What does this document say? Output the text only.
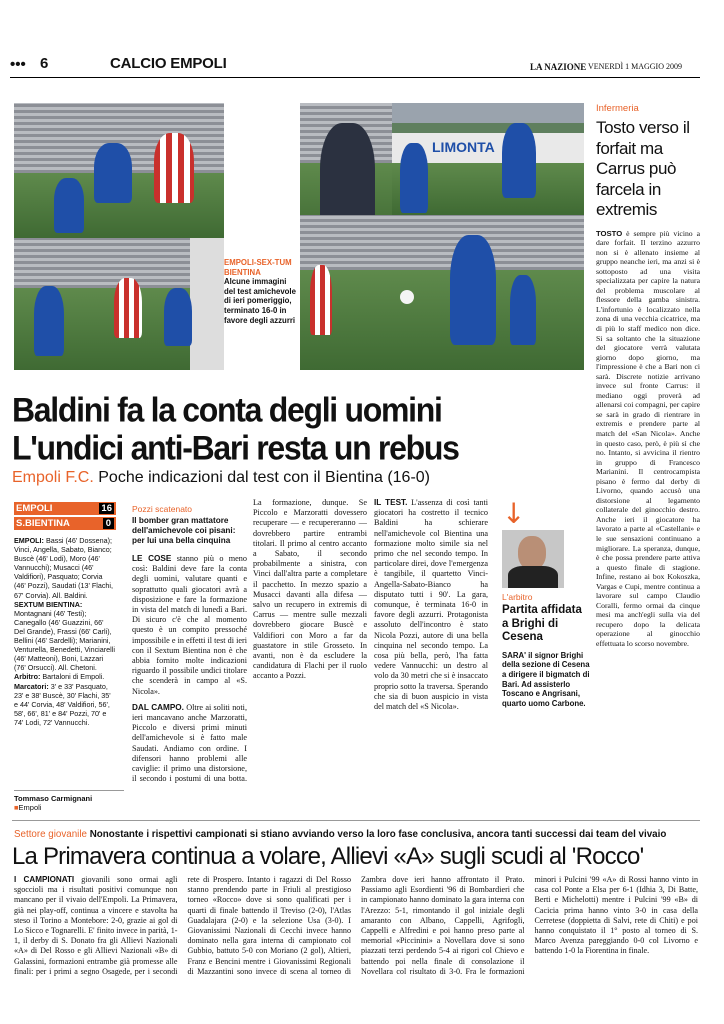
••• 6	CALCIO EMPOLI	LA NAZIONE VENERDÌ 1 MAGGIO 2009
LIMONTA
EMPOLI-SEX-TUM BIENTINA
Alcune immagini del test amichevole di ieri pomeriggio, terminato 16-0 in favore degli azzurri
Infermeria
Tosto verso il forfait ma Carrus può farcela in extremis
TOSTO è sempre più vicino a dare forfait. Il terzino azzurro non si è allenato insieme al gruppo neanche ieri, ma anzi si è sottoposto ad una visita specializzata per capire la natura del problema muscolare al flessore della gamba sinistra. L'infortunio è localizzato nella zona di una vecchia cicatrice, ma di più lo staff medico non dice. Si sa soltanto che la situazione del giocatore verrà valutata giorno dopo giorno, ma l'impressione è che a Bari non ci sarà. Discrete notizie arrivano invece sul fronte Carrus: il mediano oggi proverà ad allenarsi coi compagni, per capire se sarà in grado di rientrare in extremis e prendere parte al match del «San Nicola». Anche in questo caso, però, è più sì che no. Intanto, si avvicina il rientro in gruppo di Francesco Marianini. Il centrocampista pisano è fermo dal derby di Livorno, quando accusò una distorsione al legamento collaterale del ginocchio destro. Anche ieri il giocatore ha lavorato a parte al «Castellani» e le sue sensazioni continuano a migliorare. La speranza, dunque, è che possa prendere parte attiva a questo finale di stagione. Infine, restano ai box Kokoszka, Vargas e Cupi, mentre continua a lavorare sul campo Claudio Coralli, fermo ormai da cinque mesi ma anch'egli sulla via del recupero dopo la delicata operazione al ginocchio effettuata lo scorso novembre.
Baldini fa la conta degli uomini
L'undici anti-Bari resta un rebus
Empoli F.C. Poche indicazioni dal test con il Bientina (16-0)
EMPOLI	16
S.BIENTINA	0

EMPOLI: Bassi (46' Dossena); Vinci, Angella, Sabato, Bianco; Buscè (46' Lodi), Moro (46' Vannucchi); Musacci (46' Valdifiori), Pasquato; Corvia (46' Pozzi), Saudati (13' Flachi, 67' Corvia). All. Baldini.

SEXTUM BIENTINA: Montagnani (46' Testi); Canegallo (46' Guazzini, 66' Del Grande), Frassi (66' Carli), Bellini (46' Sardelli); Marianini, Venturella, Benedetti, Vinciarelli (46' Matteoni), Boni, Lazzari (76' Orsucci). All. Chetoni.

Arbitro: Bartaloni di Empoli.

Marcatori: 3' e 33' Pasquato, 23' e 38' Buscè, 30' Flachi, 35' e 44' Corvia, 48' Valdifiori, 56', 58', 66', 81' e 84' Pozzi, 70' e 74' Lodi, 72' Vannucchi.

Tommaso Carmignani
■Empoli
Pozzi scatenato
Il bomber gran mattatore dell'amichevole coi pisani: per lui una bella cinquina
LE COSE stanno più o meno così: Baldini deve fare la conta degli uomini, valutare quanti e soprattutto quali giocatori avrà a disposizione e fare la formazione in vista del match di lunedì a Bari. Di sicuro c'è che al momento questo è un compito pressoché impossibile e in effetti il test di ieri con il Sextum Bientina non è che abbia fornito molte indicazioni riguardo il possibile undici titolare che scenderà in campo al «S. Nicola».
DAL CAMPO. Oltre ai soliti noti, ieri mancavano anche Marzoratti, Piccolo e diversi primi minuti dell'amichevole si è fatto male Saudati. Andiamo con ordine. I difensori hanno problemi alle caviglie: il primo una distorsione, il secondo i postumi di una botta.
La formazione, dunque. Se Piccolo e Marzoratti dovessero recuperare — e recupereranno — dovrebbero partire entrambi titolari. Il primo al centro accanto a Sabato, il secondo probabilmente a sinistra, con Vinci dall'altra parte a completare il pacchetto. In mezzo spazio a Musacci davanti alla difesa — salvo un recupero in extremis di Carrus — mentre sulle mezzali dovrebbero giocare Buscè e Valdifiori con Moro a far da guastatore in stile Grosseto. In avanti, non è da escludere la candidatura di Flachi per il ruolo accanto a Pozzi.
IL TEST. L'assenza di così tanti giocatori ha costretto il tecnico Baldini ha schierare nell'amichevole col Bientina una formazione molto simile sia nel primo che nel secondo tempo. In particolare direi, dove l'emergenza è tangibile, il quartetto Vinci-Angella-Sabato-Bianco ha disputato tutti i 90'. La gara, comunque, è terminata 16-0 in favore degli azzurri. Protagonista assoluto dell'incontro è stato Nicola Pozzi, autore di una bella cinquina nel secondo tempo. La cosa più bella, però, l'ha fatta vedere Vannucchi: un destro al volo da 30 metri che si è insaccato proprio sotto la traversa. Sperando che sia di buon auspicio in vista del match del «S Nicola».
↓
L'arbitro
Partita affidata a Brighi di Cesena
SARA' il signor Brighi della sezione di Cesena a dirigere il bigmatch di Bari. Ad assisterlo Toscano e Angrisani, quarto uomo Carbone.
Settore giovanile Nonostante i rispettivi campionati si stiano avviando verso la loro fase conclusiva, ancora tanti successi dai team del vivaio
La Primavera continua a volare, Allievi «A» sugli scudi al 'Rocco'
I CAMPIONATI giovanili sono ormai agli sgoccioli ma i risultati positivi comunque non mancano per il vivaio dell'Empoli. La Primavera, già nei play-off, continua a vincere e stavolta ha steso il Torino a Montebore: 2-0, grazie ai gol di Lo Sicco e Tognarelli. E' finito invece in parità, 1-1, il derby di S. Donato fra gli Allievi Nazionali «A» di Del Rosso e gli Allievi Nazionali «B» di Galassini, formazioni entrambe già promesse alle finali: per i primi a segno Osagede, per i secondi rete di Prospero. Intanto i ragazzi di Del Rosso stanno prendendo parte in Friuli al prestigioso torneo «Rocco» dove si sono qualificati per i quarti di finale battendo il Treviso (2-0), l'Atlas Guadalajara (2-0) e la selezione Usa (3-0). I Giovanissimi Nazionali di Cecchi invece hanno dominato nella gara interna di campionato col Gubbio, battuto 5-0 con Moriano (2 gol), Altieri, Franz e Bencini mentre i Giovanissimi Regionali di Mazzantini sono invece di scena al torneo di Zambra dove ieri hanno affrontato il Prato. Passiamo agli Esordienti '96 di Bombardieri che in campionato hanno dominato la gara interna con l'Arezzo: 5-1, rimontando il gol iniziale degli amaranto con Albano, Cappelli, Agrifogli, Cappelli e Alfredini e poi hanno preso parte al memorial «Piccinini» a Novellara dove si sono piazzati terzi perdendo 5-4 ai rigori col Chievo e battendo poi nella finale di consolazione il Novellara col risultato di 3-0. Fra le formazioni minori i Pulcini '99 «A» di Rossi hanno vinto in casa col Ponte a Elsa per 6-1 (Idhia 3, Di Batte, Berti e Michelotti) mentre i Pulcini '99 «B» di Cacicia prima hanno vinto 3-0 in casa della Cerretese (doppietta di Salvi, rete di Chiti) e poi hanno conquistato il 1° posto al torneo di S. Marco Avenza pareggiando 0-0 col Livorno e battendo 1-0 la Fiorentina in finale.
